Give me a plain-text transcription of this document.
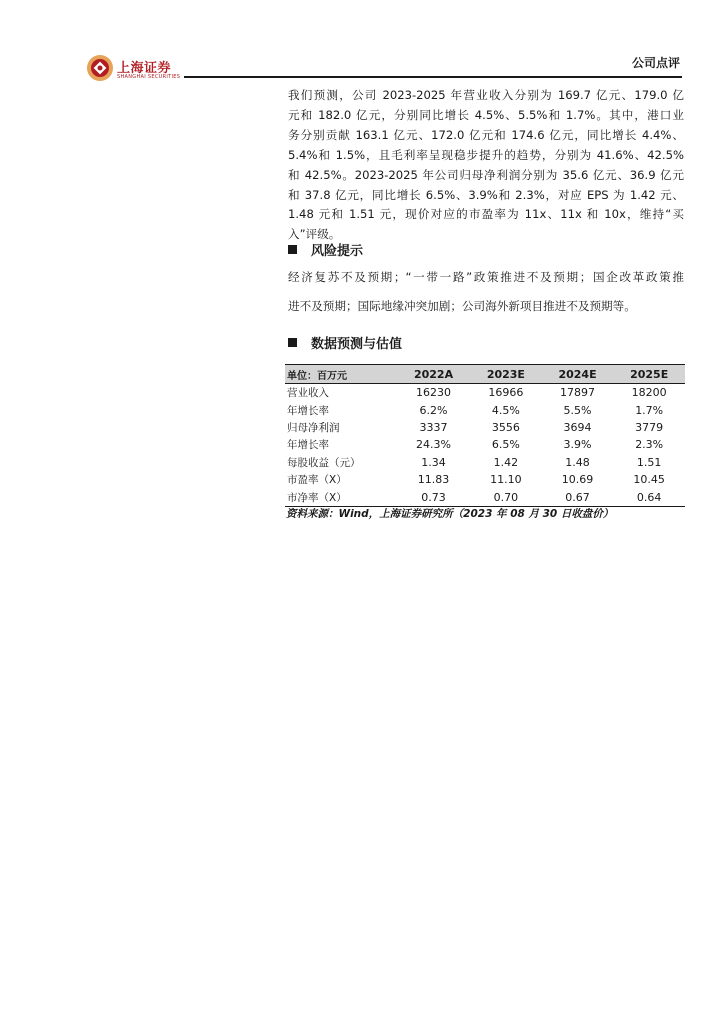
上海证券
SHANGHAI SECURITIES
公司点评
我们预测，公司 2023-2025 年营业收入分别为 169.7 亿元、179.0 亿
元和 182.0 亿元，分别同比增长 4.5%、5.5%和 1.7%。其中，港口业
务分别贡献 163.1 亿元、172.0 亿元和 174.6 亿元，同比增长 4.4%、
5.4%和 1.5%，且毛利率呈现稳步提升的趋势，分别为 41.6%、42.5%
和 42.5%。2023-2025 年公司归母净利润分别为 35.6 亿元、36.9 亿元
和 37.8 亿元，同比增长 6.5%、3.9%和 2.3%，对应 EPS 为 1.42 元、
1.48 元和 1.51 元，现价对应的市盈率为 11x、11x 和 10x，维持“买
入”评级。
风险提示
经济复苏不及预期；“一带一路”政策推进不及预期；国企改革政策推
进不及预期；国际地缘冲突加剧；公司海外新项目推进不及预期等。
数据预测与估值
单位：百万元	2022A	2023E	2024E	2025E
营业收入	16230	16966	17897	18200
年增长率	6.2%	4.5%	5.5%	1.7%
归母净利润	3337	3556	3694	3779
年增长率	24.3%	6.5%	3.9%	2.3%
每股收益（元）	1.34	1.42	1.48	1.51
市盈率（X）	11.83	11.10	10.69	10.45
市净率（X）	0.73	0.70	0.67	0.64
资料来源：Wind，上海证券研究所（2023 年 08 月 30 日收盘价）
